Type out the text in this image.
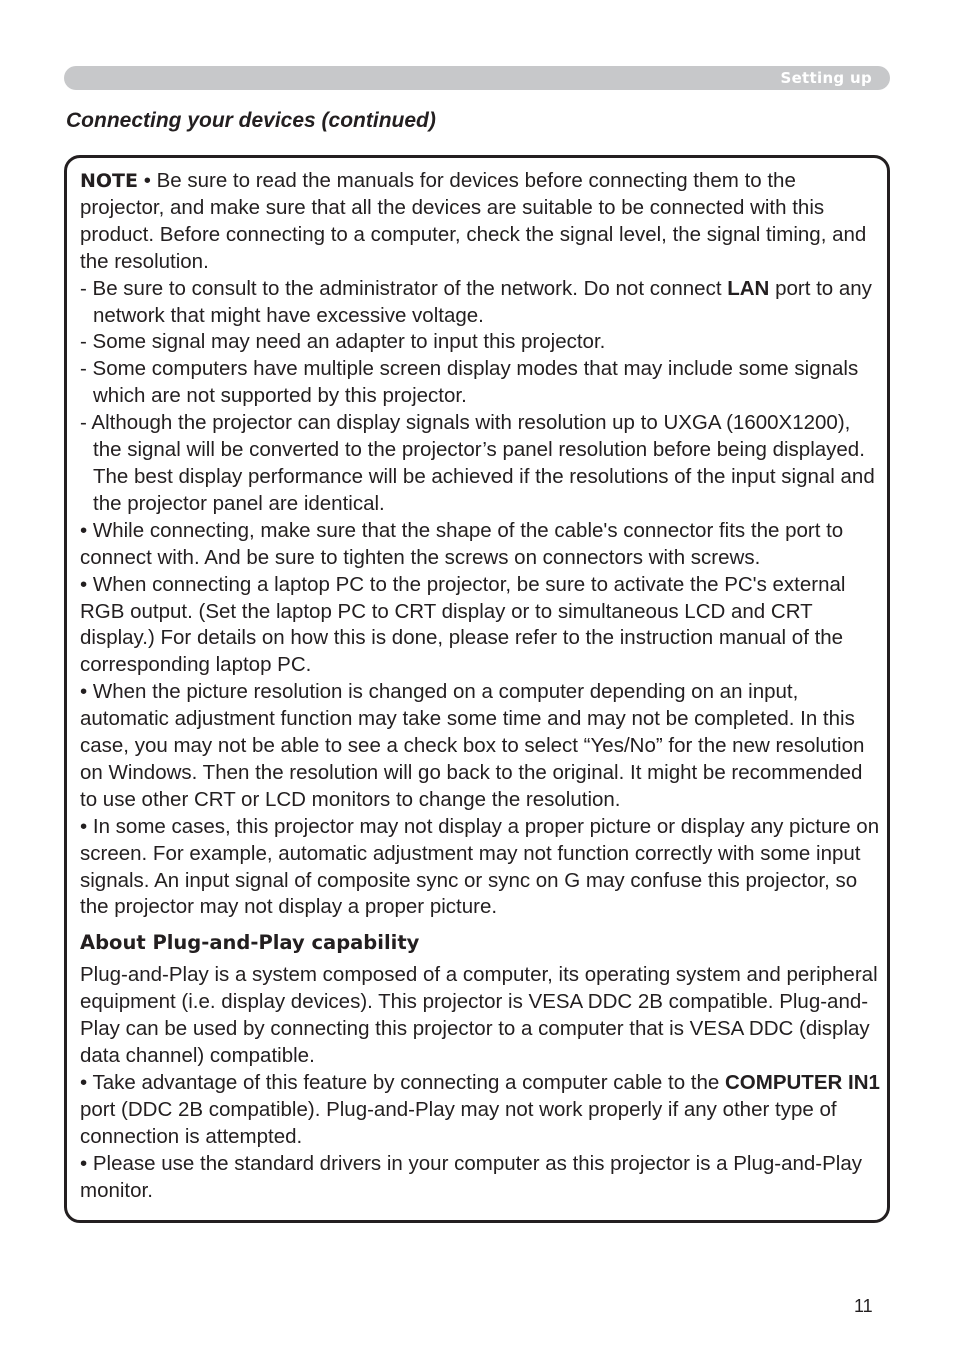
Setting up
Connecting your devices (continued)

NOTE • Be sure to read the manuals for devices before connecting them to the projector, and make sure that all the devices are suitable to be connected with this product. Before connecting to a computer, check the signal level, the signal timing, and the resolution.

- Be sure to consult to the administrator of the network. Do not connect LAN port to any network that might have excessive voltage.

- Some signal may need an adapter to input this projector.

- Some computers have multiple screen display modes that may include some signals which are not supported by this projector.

- Although the projector can display signals with resolution up to UXGA (1600X1200), the signal will be converted to the projector’s panel resolution before being displayed. The best display performance will be achieved if the resolutions of the input signal and the projector panel are identical.

• While connecting, make sure that the shape of the cable's connector fits the port to connect with. And be sure to tighten the screws on connectors with screws.

• When connecting a laptop PC to the projector, be sure to activate the PC's external RGB output. (Set the laptop PC to CRT display or to simultaneous LCD and CRT display.) For details on how this is done, please refer to the instruction manual of the corresponding laptop PC.

• When the picture resolution is changed on a computer depending on an input, automatic adjustment function may take some time and may not be completed. In this case, you may not be able to see a check box to select “Yes/No” for the new resolution on Windows. Then the resolution will go back to the original. It might be recommended to use other CRT or LCD monitors to change the resolution.

• In some cases, this projector may not display a proper picture or display any picture on screen. For example, automatic adjustment may not function correctly with some input signals. An input signal of composite sync or sync on G may confuse this projector, so the projector may not display a proper picture.

About Plug-and-Play capability

Plug-and-Play is a system composed of a computer, its operating system and peripheral equipment (i.e. display devices). This projector is VESA DDC 2B compatible. Plug-and-Play can be used by connecting this projector to a computer that is VESA DDC (display data channel) compatible.

• Take advantage of this feature by connecting a computer cable to the COMPUTER IN1 port (DDC 2B compatible). Plug-and-Play may not work properly if any other type of connection is attempted.

• Please use the standard drivers in your computer as this projector is a Plug-and-Play monitor.

11
